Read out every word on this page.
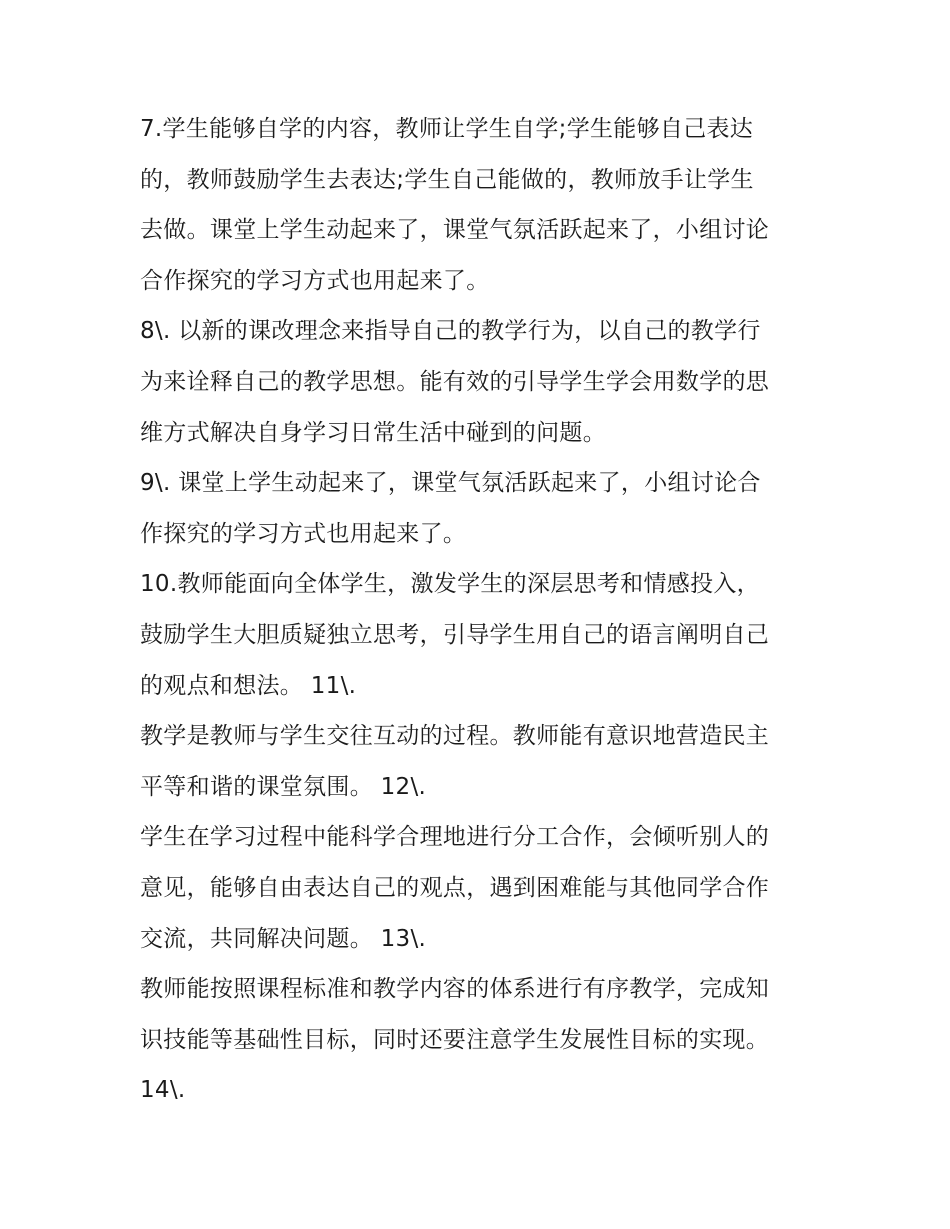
7.学生能够自学的内容，教师让学生自学;学生能够自己表达
的，教师鼓励学生去表达;学生自己能做的，教师放手让学生
去做。课堂上学生动起来了，课堂气氛活跃起来了，小组讨论
合作探究的学习方式也用起来了。
8\. 以新的课改理念来指导自己的教学行为，以自己的教学行
为来诠释自己的教学思想。能有效的引导学生学会用数学的思
维方式解决自身学习日常生活中碰到的问题。
9\. 课堂上学生动起来了，课堂气氛活跃起来了，小组讨论合
作探究的学习方式也用起来了。
10.教师能面向全体学生，激发学生的深层思考和情感投入，
鼓励学生大胆质疑独立思考，引导学生用自己的语言阐明自己
的观点和想法。 11\.
教学是教师与学生交往互动的过程。教师能有意识地营造民主
平等和谐的课堂氛围。 12\.
学生在学习过程中能科学合理地进行分工合作，会倾听别人的
意见，能够自由表达自己的观点，遇到困难能与其他同学合作
交流，共同解决问题。 13\.
教师能按照课程标准和教学内容的体系进行有序教学，完成知
识技能等基础性目标，同时还要注意学生发展性目标的实现。
14\.
